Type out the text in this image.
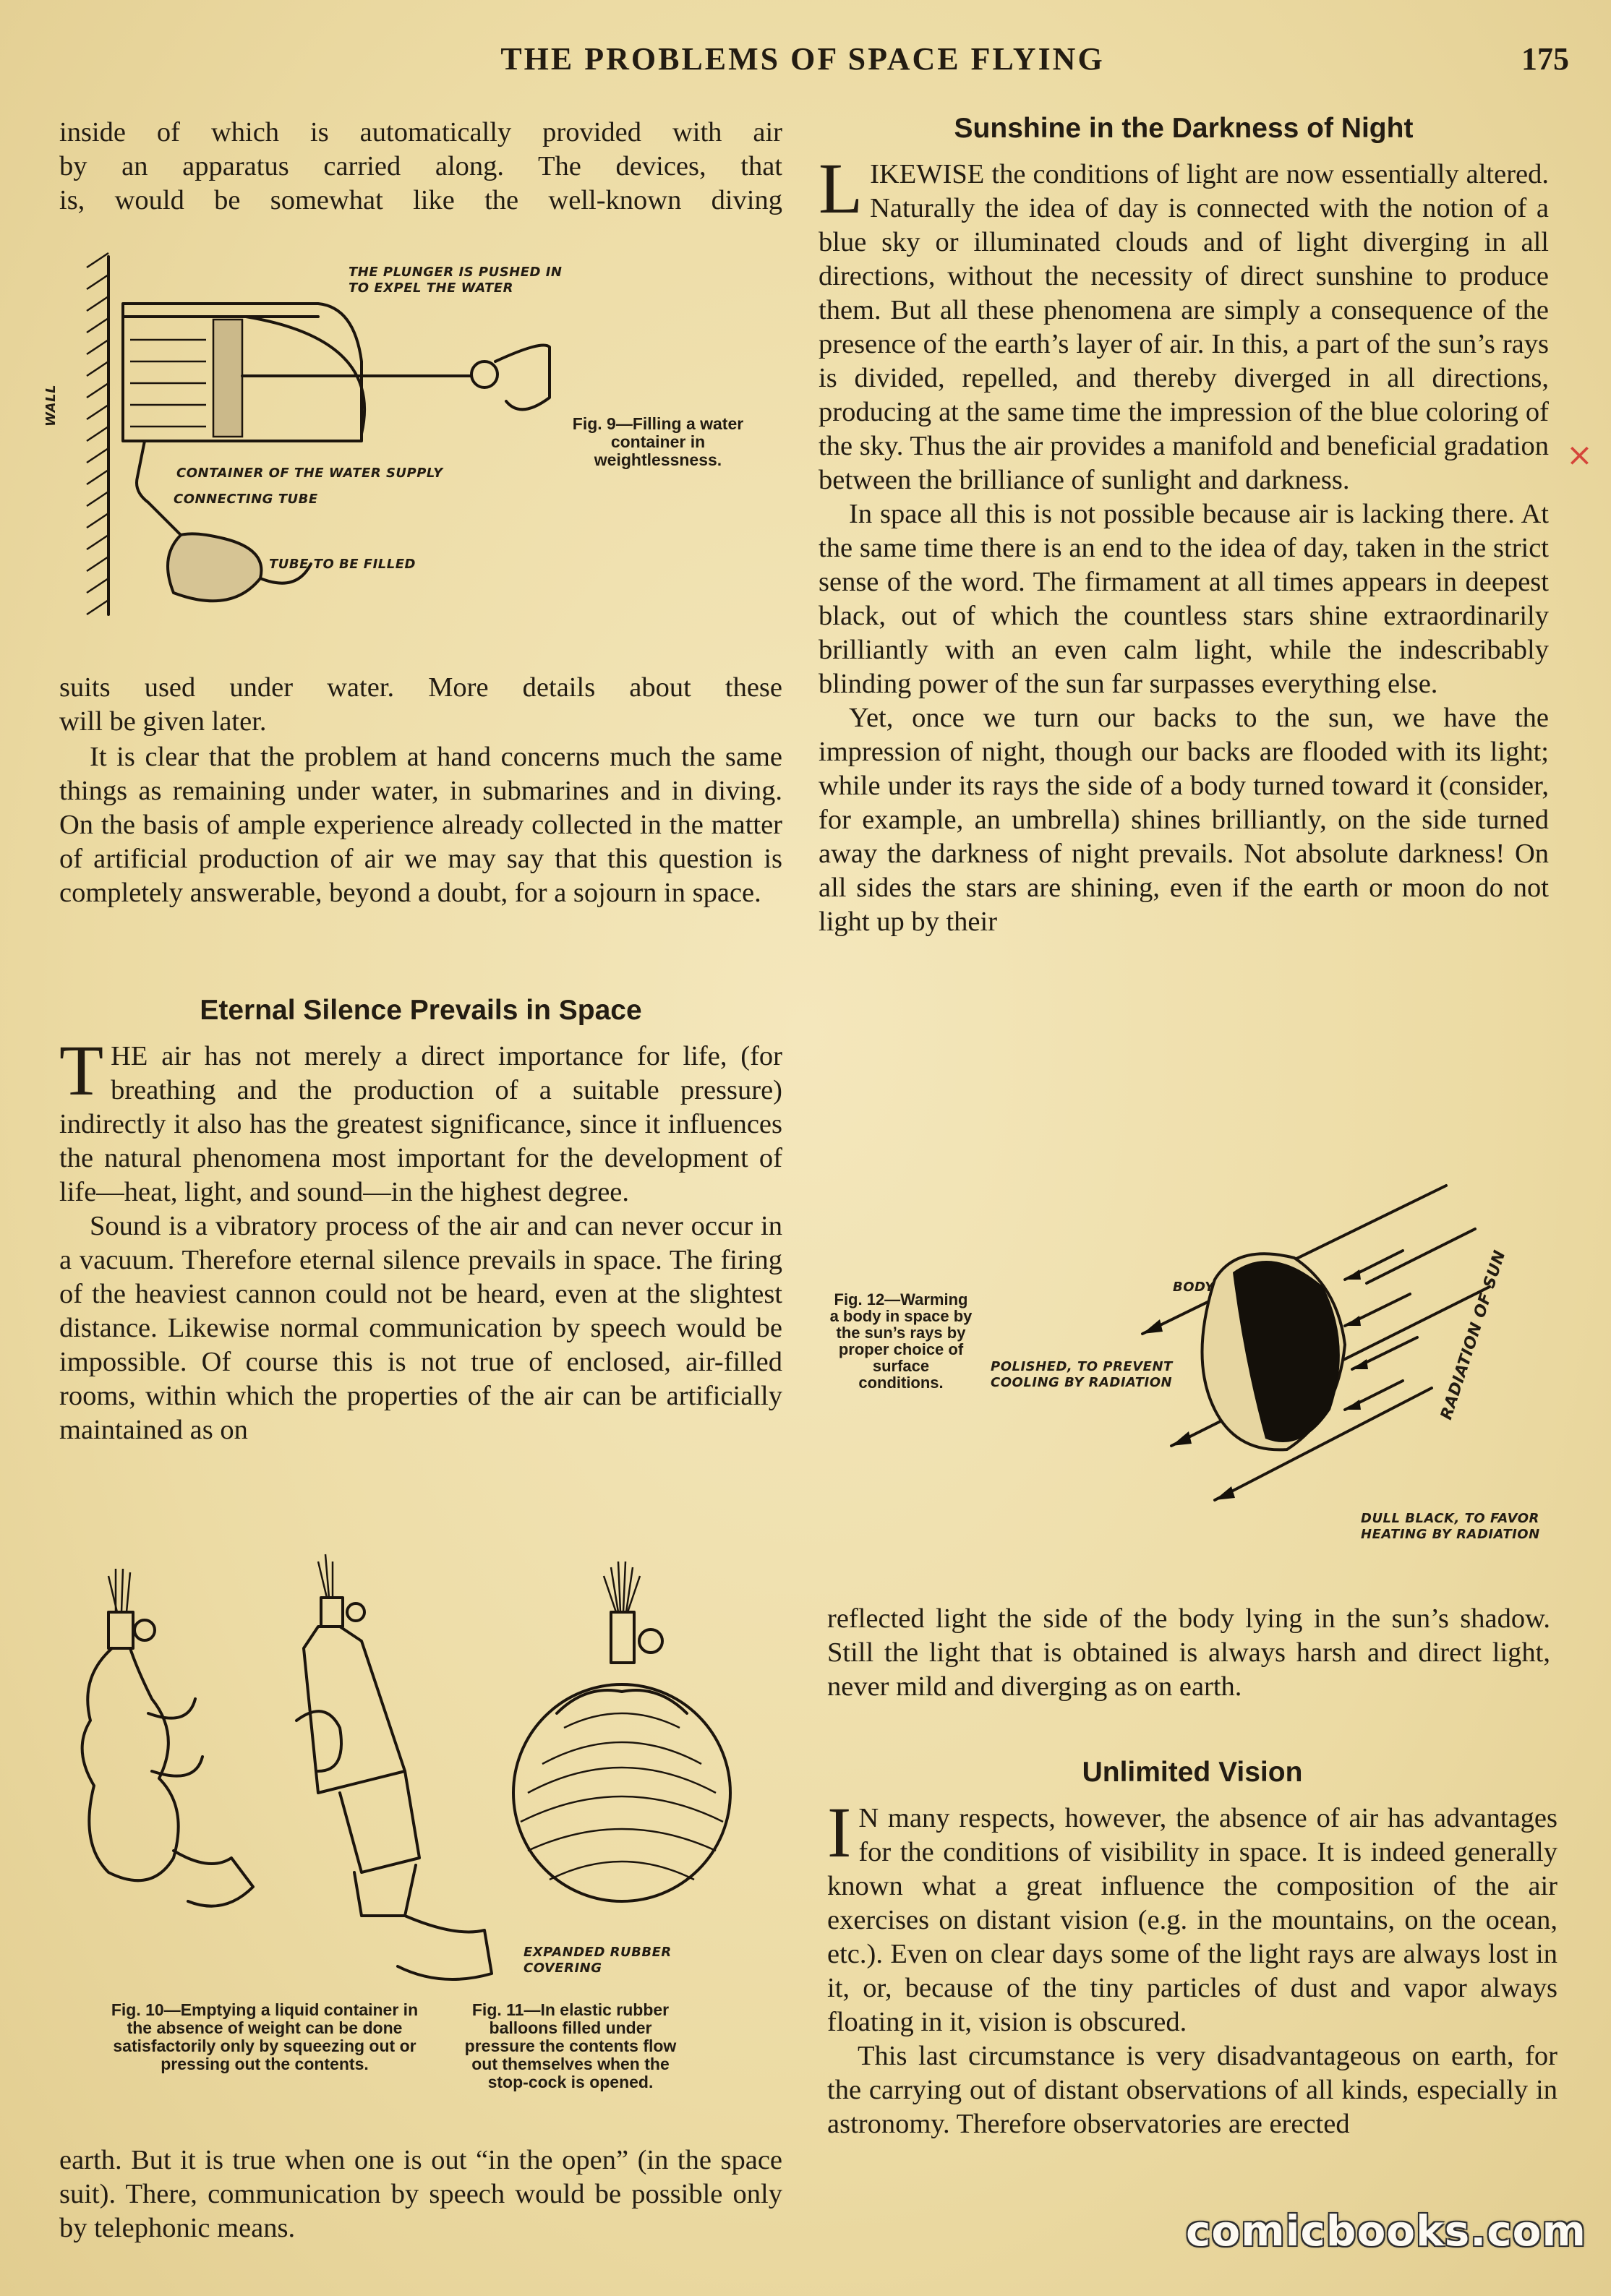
THE PROBLEMS OF SPACE FLYING	175
inside of which is automatically provided with air
by an apparatus carried along. The devices, that
is, would be somewhat like the well-known diving
THE PLUNGER IS PUSHED IN TO EXPEL THE WATER
WALL
CONTAINER OF THE WATER SUPPLY
CONNECTING TUBE
TUBE TO BE FILLED
Fig. 9—Filling a water container in weightlessness.
suits used under water. More details about these
will be given later.

It is clear that the problem at hand concerns much the same things as remaining under water, in submarines and in diving. On the basis of ample experience already collected in the matter of artificial production of air we may say that this question is completely answerable, beyond a doubt, for a sojourn in space.

Eternal Silence Prevails in Space
T HE air has not merely a direct importance for life, (for breathing and the production of a suitable pressure) indirectly it also has the greatest significance, since it influences the natural phenomena most important for the development of life—heat, light, and sound—in the highest degree.

Sound is a vibratory process of the air and can never occur in a vacuum. Therefore eternal silence prevails in space. The firing of the heaviest cannon could not be heard, even at the slightest distance. Likewise normal communication by speech would be impossible. Of course this is not true of enclosed, air-filled rooms, within which the properties of the air can be artificially maintained as on

EXPANDED RUBBER COVERING
Fig. 10—Emptying a liquid container in the absence of weight can be done satisfactorily only by squeezing out or pressing out the contents.
Fig. 11—In elastic rubber balloons filled under pressure the contents flow out themselves when the stop-cock is opened.

earth. But it is true when one is out “in the open” (in the space suit). There, communication by speech would be possible only by telephonic means.

Sunshine in the Darkness of Night
L IKEWISE the conditions of light are now essentially altered. Naturally the idea of day is connected with the notion of a blue sky or illuminated clouds and of light diverging in all directions, without the necessity of direct sunshine to produce them. But all these phenomena are simply a consequence of the presence of the earth’s layer of air. In this, a part of the sun’s rays is divided, repelled, and thereby diverged in all directions, producing at the same time the impression of the blue coloring of the sky. Thus the air provides a manifold and beneficial gradation between the brilliance of sunlight and darkness.

In space all this is not possible because air is lacking there. At the same time there is an end to the idea of day, taken in the strict sense of the word. The firmament at all times appears in deepest black, out of which the countless stars shine extraordinarily brilliantly with an even calm light, while the indescribably blinding power of the sun far surpasses everything else.

Yet, once we turn our backs to the sun, we have the impression of night, though our backs are flooded with its light; while under its rays the side of a body turned toward it (consider, for example, an umbrella) shines brilliantly, on the side turned away the darkness of night prevails. Not absolute darkness! On all sides the stars are shining, even if the earth or moon do not light up by their

×
Fig. 12—Warming a body in space by the sun’s rays by proper choice of surface conditions.
BODY	RADIATION OF SUN
POLISHED, TO PREVENT COOLING BY RADIATION
DULL BLACK, TO FAVOR HEATING BY RADIATION

reflected light the side of the body lying in the sun’s shadow. Still the light that is obtained is always harsh and direct light, never mild and diverging as on earth.

Unlimited Vision
I N many respects, however, the absence of air has advantages for the conditions of visibility in space. It is indeed generally known what a great influence the composition of the air exercises on distant vision (e.g. in the mountains, on the ocean, etc.). Even on clear days some of the light rays are always lost in it, or, because of the tiny particles of dust and vapor always floating in it, vision is obscured.

This last circumstance is very disadvantageous on earth, for the carrying out of distant observations of all kinds, especially in astronomy. Therefore observatories are erected

comicbooks.com
